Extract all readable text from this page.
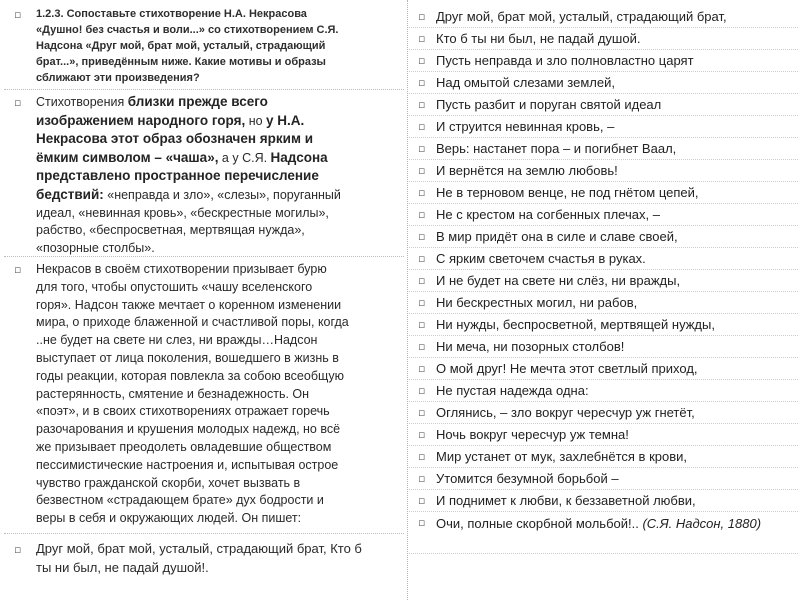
▫ 1.2.3. Сопоставьте стихотворение Н.А. Некрасова
«Душно! без счастья и воли...» со стихотворением С.Я.
Надсона «Друг мой, брат мой, усталый, страдающий
брат...», приведённым ниже. Какие мотивы и образы
сближают эти произведения?
▫ Стихотворения близки прежде всего
изображением народного горя, но у Н.А.
Некрасова этот образ обозначен ярким и
ёмким символом – «чаша», а у С.Я. Надсона
представлено пространное перечисление
бедствий: «неправда и зло», «слезы», поруганный
идеал, «невинная кровь», «бескрестные могилы»,
рабство, «беспросветная, мертвящая нужда»,
«позорные столбы».
▫ Некрасов в своём стихотворении призывает бурю
для того, чтобы опустошить «чашу вселенского
горя». Надсон также мечтает о коренном изменении
мира, о приходе блаженной и счастливой поры, когда
..не будет на свете ни слез, ни вражды…Надсон
выступает от лица поколения, вошедшего в жизнь в
годы реакции, которая повлекла за собою всеобщую
растерянность, смятение и безнадежность. Он
«поэт», и в своих стихотворениях отражает горечь
разочарования и крушения молодых надежд, но всё
же призывает преодолеть овладевшие обществом
пессимистические настроения и, испытывая острое
чувство гражданской скорби, хочет вызвать в
безвестном «страдающем брате» дух бодрости и
веры в себя и окружающих людей. Он пишет:
▫ Друг мой, брат мой, усталый, страдающий брат, Кто б
ты ни был, не падай душой!.
▫ Друг мой, брат мой, усталый, страдающий брат,
▫ Кто б ты ни был, не падай душой.
▫ Пусть неправда и зло полновластно царят
▫ Над омытой слезами землей,
▫ Пусть разбит и поруган святой идеал
▫ И струится невинная кровь, –
▫ Верь: настанет пора – и погибнет Ваал,
▫ И вернётся на землю любовь!
▫ Не в терновом венце, не под гнётом цепей,
▫ Не с крестом на согбенных плечах, –
▫ В мир придёт она в силе и славе своей,
▫ С ярким светочем счастья в руках.
▫ И не будет на свете ни слёз, ни вражды,
▫ Ни бескрестных могил, ни рабов,
▫ Ни нужды, беспросветной, мертвящей нужды,
▫ Ни меча, ни позорных столбов!
▫ О мой друг! Не мечта этот светлый приход,
▫ Не пустая надежда одна:
▫ Оглянись, – зло вокруг чересчур уж гнетёт,
▫ Ночь вокруг чересчур уж темна!
▫ Мир устанет от мук, захлебнётся в крови,
▫ Утомится безумной борьбой –
▫ И поднимет к любви, к беззаветной любви,
▫ Очи, полные скорбной мольбой!.. (С.Я. Надсон, 1880)
